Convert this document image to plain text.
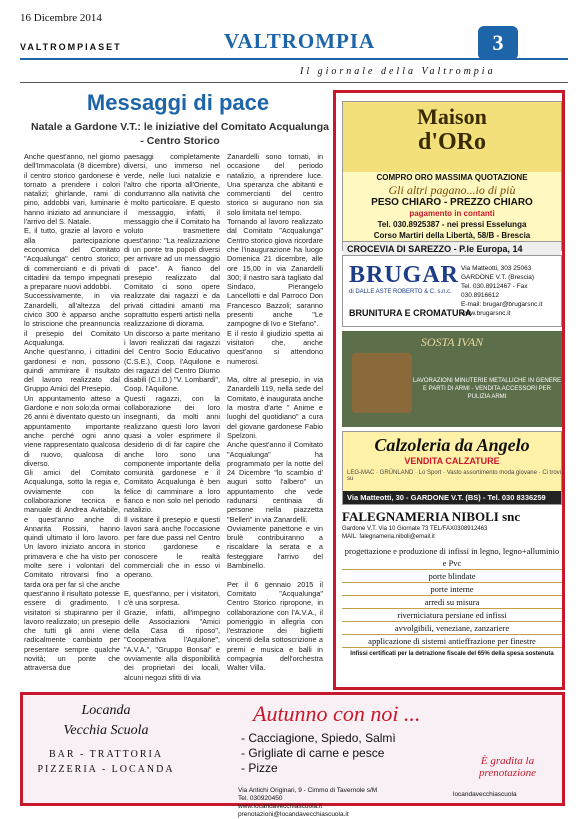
16 Dicembre 2014
VALTROMPIASET	VALTROMPIA	3
Il giornale della Valtrompia
Messaggi di pace
Natale a Gardone V.T.: le iniziative del Comitato Acqualunga - Centro Storico
Anche quest'anno, nel giorno dell'Immacolata (8 dicembre) il centro storico gardonese è tornato a prendere i colori natalizi; ghirlande, rami di pino, addobbi vari, luminarie hanno iniziato ad annunciare l'arrivo del S. Natale.
E, il tutto, grazie al lavoro e alla partecipazione economica del Comitato "Acqualunga" centro storico; di commercianti e di privati cittadini da tempo impegnati a preparare nuovi addobbi.
Successivamente, in via Zanardelli, all'altezza del civico 300 è apparso anche lo striscione che preannuncia il presepio del Comitato Acqualunga.
Anche quest'anno, i cittadini gardonesi e non, possono quindi ammirare il risultato del lavoro realizzato dal Gruppo Amici del Presepio.
Un appuntamento atteso a Gardone e non solo;da ormai 26 anni è diventato questo un appuntamento importante anche perché ogni anno viene rappresentato qualcosa di nuovo, qualcosa di diverso.
Gli amici del Comitato Acqualunga, sotto la regia e, ovviamente con la collaborazione tecnica e manuale di Andrea Avitabile, e quest'anno anche di Annarita Rossini, hanno quindi ultimato il loro lavoro. Un lavoro iniziato ancora in primavera e che ha visto per molte sere i volontari del Comitato ritrovarsi fino a tarda ora per far sì che anche quest'anno il risultato potesse essere di gradimento. I visitatori si stupiranno per il lavoro realizzato; un presepio che tutti gli anni viene radicalmente cambiato per presentare sempre qualche novità; un ponte che attraversa due
paesaggi completamente diversi, uno immerso nel verde, nelle luci natalizie e l'altro che riporta all'Oriente, condurranno alla natività che è molto particolare. E questo il messaggio, infatti, il messaggio che il Comitato ha voluto trasmettere quest'anno: "La realizzazione di un ponte tra popoli diversi per arrivare ad un messaggio di pace". A fianco del presepio realizzato dal Comitato ci sono opere realizzate dai ragazzi e da privati cittadini amanti ma soprattutto esperti artisti nella realizzazione di diorama.
Un discorso a parte meritano i lavori realizzati dai ragazzi del Centro Socio Educativo (C.S.E.), Coop. l'Aquilone e dei ragazzi del Centro Diurno disabili (C.I.D.) "V. Lombardi", Coop. l'Aquilone.
Questi ragazzi, con la collaborazione dei loro insegnanti, da molti anni realizzano questi loro lavori quasi a voler esprimere il desiderio di di far capire che anche loro sono una componente importante della comunità gardonese e il Comitato Acqualunga è ben felice di camminare a loro fianco e non solo nel periodo natalizio.
Il visitare il presepio e questi lavori sarà anche l'occasione per fare due passi nel Centro storico gardonese e conoscere le realtà commerciali che in esso vi operano.

E, quest'anno, per i visitatori, c'è una sorpresa.
Grazie, infatti, all'impegno delle Associazioni "Amici della Casa di riposo", "Cooperativa l'Aquilone", "A.V.A.", "Gruppo Bonsai" e ovviamente alla disponibilità dei proprietari dei locali, alcuni negozi sfitti di via
Zanardelli sono tornati, in occasione del periodo natalizio, a riprendere luce. Una speranza che abitanti e commercianti del centro storico si augurano non sia solo limitata nel tempo.
Tornando al lavoro realizzato dal Comitato "Acqualunga" Centro storico giova ricordare che l'inaugurazione ha luogo Domenica 21 dicembre, alle ore 15,00 in via Zanardelli 300; il nastro sarà tagliato dal Sindaco, Pierangelo Lancellotti e dal Parroco Don Francesco Bazzoli; saranno presenti anche "Le zampogne di Ivo e Stefano".
E il resto il giudizio spetta ai visitatori che, anche quest'anno si attendono numerosi.

Ma, oltre al presepio, in via Zanardelli 119, nella sede del Comitato, è inaugurata anche la mostra d'arte " Anime e luoghi del quotidiano" a cura del giovane gardonese Fabio Spelzoni.
Anche quest'anno il Comitato "Acqualunga" ha programmato per la notte del 24 Dicembre "lo scambio d' auguri sotto l'albero" un appuntamento che vede radunarsi centinaia di persone nella piazzetta "Belleri" in via Zanardelli.
Ovviamente panettone e vin brulè contribuiranno a riscaldare la serata e a festeggiare l'arrivo del Bambinello.

Per il 6 gennaio 2015 il Comitato "Acqualunga" Centro Storico ripropone, in collaborazione con l'A.V.A., il pomeriggio in allegria con l'estrazione dei biglietti vincenti della sottoscrizione a premi e musica e balli in compagnia dell'orchestra Walter Villa.
Maison
d'ORo
COMPRO ORO MASSIMA QUOTAZIONE
Gli altri pagano...io di più
PESO CHIARO - PREZZO CHIARO
pagamento in contanti
Tel. 030.8925387 - nei pressi Esselunga
Corso Martiri della Libertà, 58/B - Brescia
CROCEVIA DI SAREZZO - P.le Europa, 14
BRUGAR
di DALLE ASTE ROBERTO & C. s.n.c.
BRUNITURA E CROMATURA
Via Matteotti, 303 25063 GARDONE V.T. (Brescia)
Tel. 030.8912467 - Fax 030.8916612
E-mail: brugar@brugarsnc.it
www.brugarsnc.it
SOSTA IVAN
LAVORAZIONI MINUTERIE METALLICHE IN GENERE E PARTI DI ARMI - VENDITA ACCESSORI PER PULIZIA ARMI
Calzoleria da Angelo
VENDITA CALZATURE
LEG-MAC · GRÜNLAND · Lo Sport · Vasto assortimento moda giovane · Ci trovi su
Via Matteotti, 30 - GARDONE V.T. (BS) - Tel. 030 8336259
FALEGNAMERIA NIBOLI snc
Gardone V.T. Via 10 Giornate 73 TEL/FAX0308912463
MAIL: falegnameria.niboli@email.it
progettazione e produzione di infissi in legno, legno+alluminio e Pvc
porte blindate
porte interne
arredi su misura
riverniciatura persiane ed infissi
avvolgibili, veneziane, zanzariere
applicazione di sistemi antieffrazione per finestre
Infissi certificati per la detrazione fiscale del 65% della spesa sostenuta
Locanda
Vecchia Scuola
BAR - TRATTORIA
PIZZERIA - LOCANDA
Autunno con noi ...
- Cacciagione, Spiedo, Salmì
- Grigliate di carne e pesce
- Pizze	È gradita la prenotazione
Via Antichi Originari, 9 - Cimmo di Tavernole s/M
Tel. 030920450
www.locandavecchiascuola.it
prenotazioni@locandavecchiascuola.it
locandavecchiascuola
